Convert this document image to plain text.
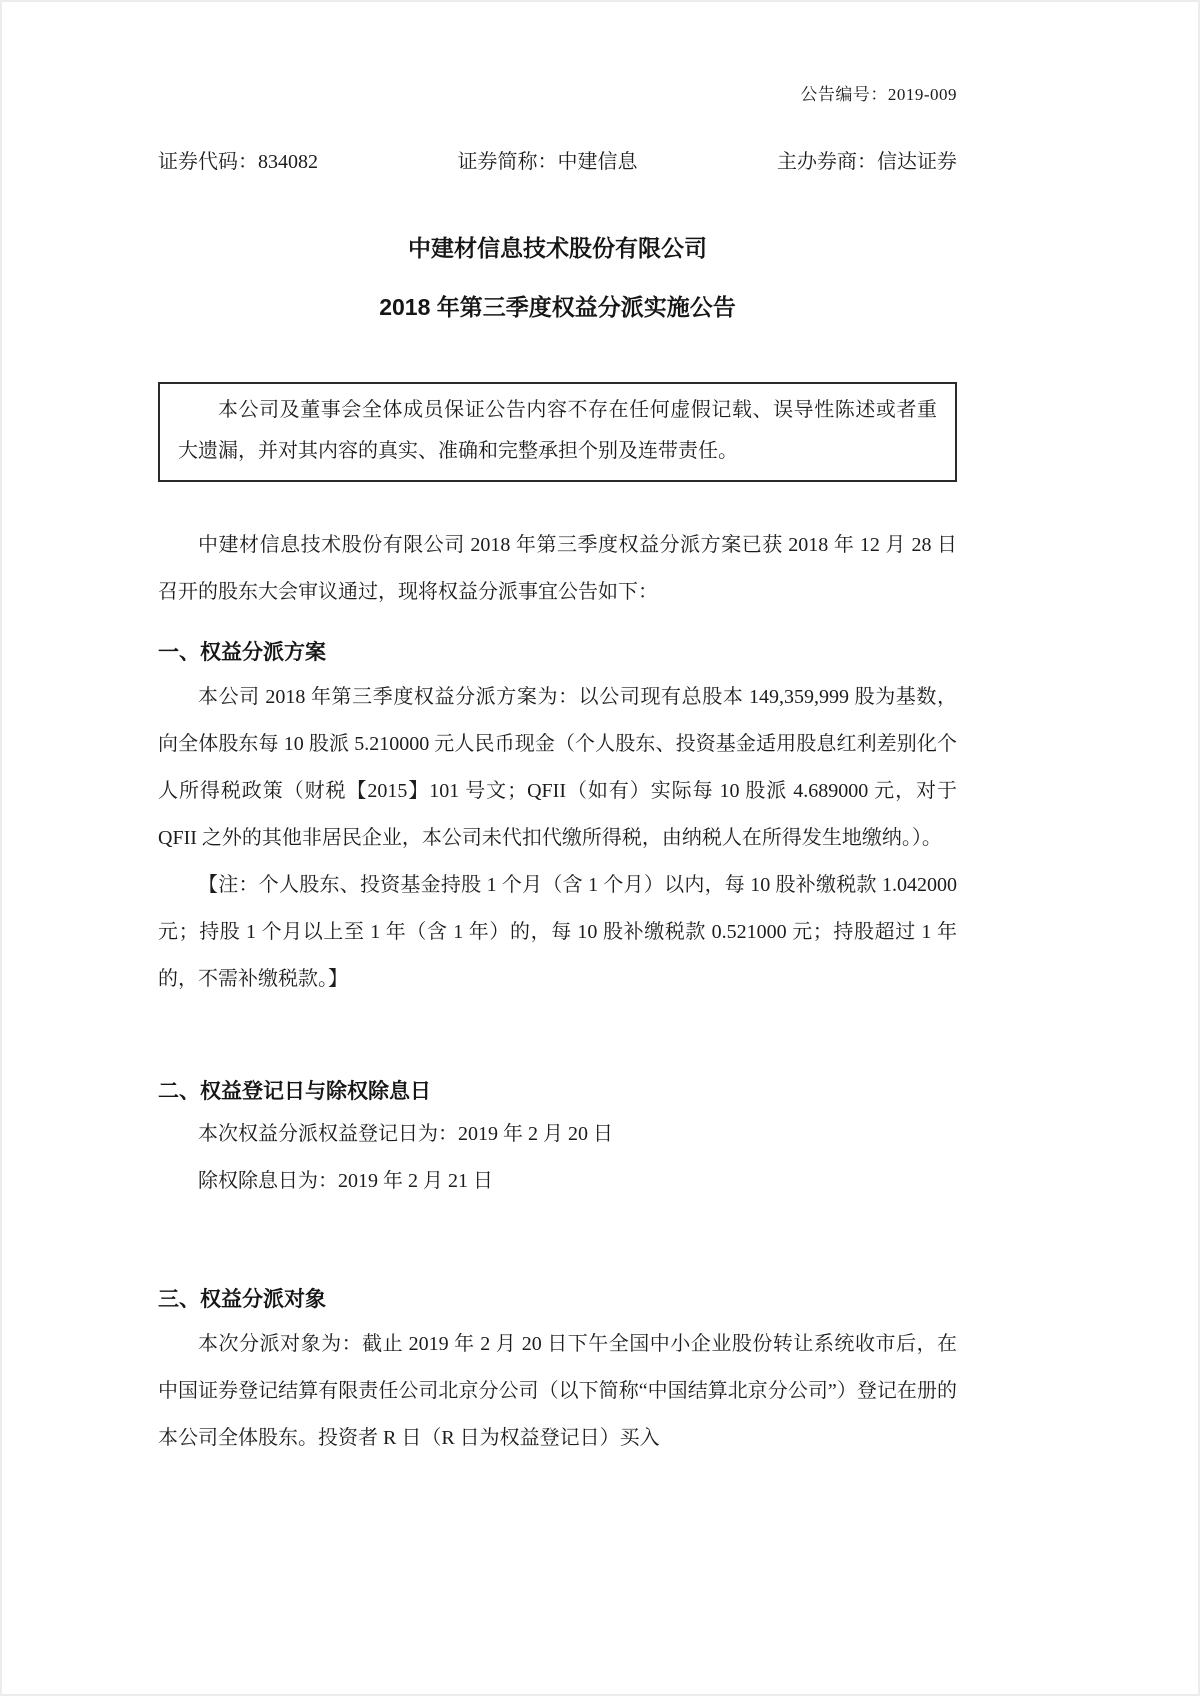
公告编号：2019-009
证券代码：834082	证券简称：中建信息	主办券商：信达证券
中建材信息技术股份有限公司
2018 年第三季度权益分派实施公告

本公司及董事会全体成员保证公告内容不存在任何虚假记载、误导性陈述或者重大遗漏，并对其内容的真实、准确和完整承担个别及连带责任。

中建材信息技术股份有限公司 2018 年第三季度权益分派方案已获 2018 年 12 月 28 日召开的股东大会审议通过，现将权益分派事宜公告如下：

一、权益分派方案

本公司 2018 年第三季度权益分派方案为：以公司现有总股本 149,359,999 股为基数，向全体股东每 10 股派 5.210000 元人民币现金（个人股东、投资基金适用股息红利差别化个人所得税政策（财税【2015】101 号文；QFII（如有）实际每 10 股派 4.689000 元，对于 QFII 之外的其他非居民企业，本公司未代扣代缴所得税，由纳税人在所得发生地缴纳。）。

【注：个人股东、投资基金持股 1 个月（含 1 个月）以内，每 10 股补缴税款 1.042000 元；持股 1 个月以上至 1 年（含 1 年）的，每 10 股补缴税款 0.521000 元；持股超过 1 年的，不需补缴税款。】

二、权益登记日与除权除息日

本次权益分派权益登记日为：2019 年 2 月 20 日

除权除息日为：2019 年 2 月 21 日

三、权益分派对象

本次分派对象为：截止 2019 年 2 月 20 日下午全国中小企业股份转让系统收市后，在中国证券登记结算有限责任公司北京分公司（以下简称“中国结算北京分公司”）登记在册的本公司全体股东。投资者 R 日（R 日为权益登记日）买入
